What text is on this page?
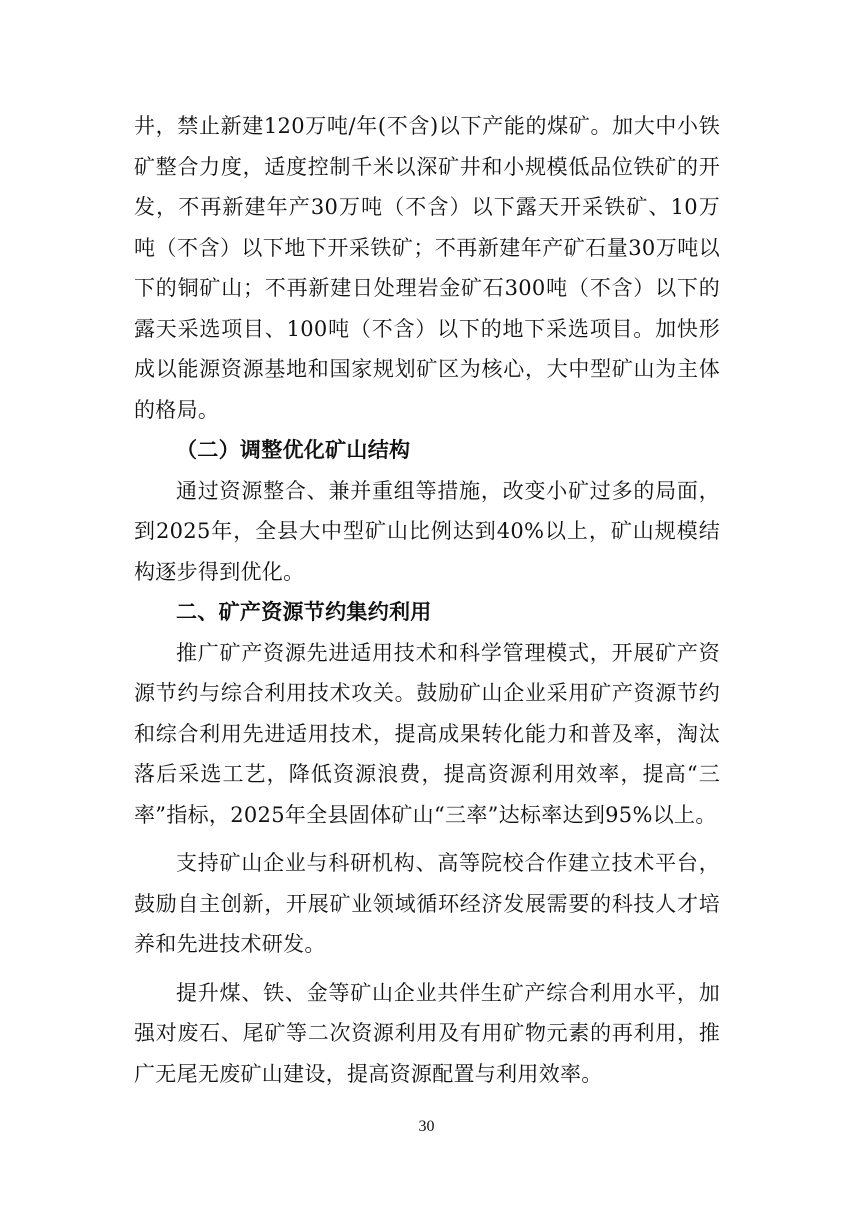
井，禁止新建120万吨/年(不含)以下产能的煤矿。加大中小铁矿整合力度，适度控制千米以深矿井和小规模低品位铁矿的开发，不再新建年产30万吨（不含）以下露天开采铁矿、10万吨（不含）以下地下开采铁矿；不再新建年产矿石量30万吨以下的铜矿山；不再新建日处理岩金矿石300吨（不含）以下的露天采选项目、100吨（不含）以下的地下采选项目。加快形成以能源资源基地和国家规划矿区为核心，大中型矿山为主体的格局。

（二）调整优化矿山结构

通过资源整合、兼并重组等措施，改变小矿过多的局面，到2025年，全县大中型矿山比例达到40%以上，矿山规模结构逐步得到优化。

二、矿产资源节约集约利用

推广矿产资源先进适用技术和科学管理模式，开展矿产资源节约与综合利用技术攻关。鼓励矿山企业采用矿产资源节约和综合利用先进适用技术，提高成果转化能力和普及率，淘汰落后采选工艺，降低资源浪费，提高资源利用效率，提高“三率”指标，2025年全县固体矿山“三率”达标率达到95%以上。

支持矿山企业与科研机构、高等院校合作建立技术平台，鼓励自主创新，开展矿业领域循环经济发展需要的科技人才培养和先进技术研发。

提升煤、铁、金等矿山企业共伴生矿产综合利用水平，加强对废石、尾矿等二次资源利用及有用矿物元素的再利用，推广无尾无废矿山建设，提高资源配置与利用效率。

30
